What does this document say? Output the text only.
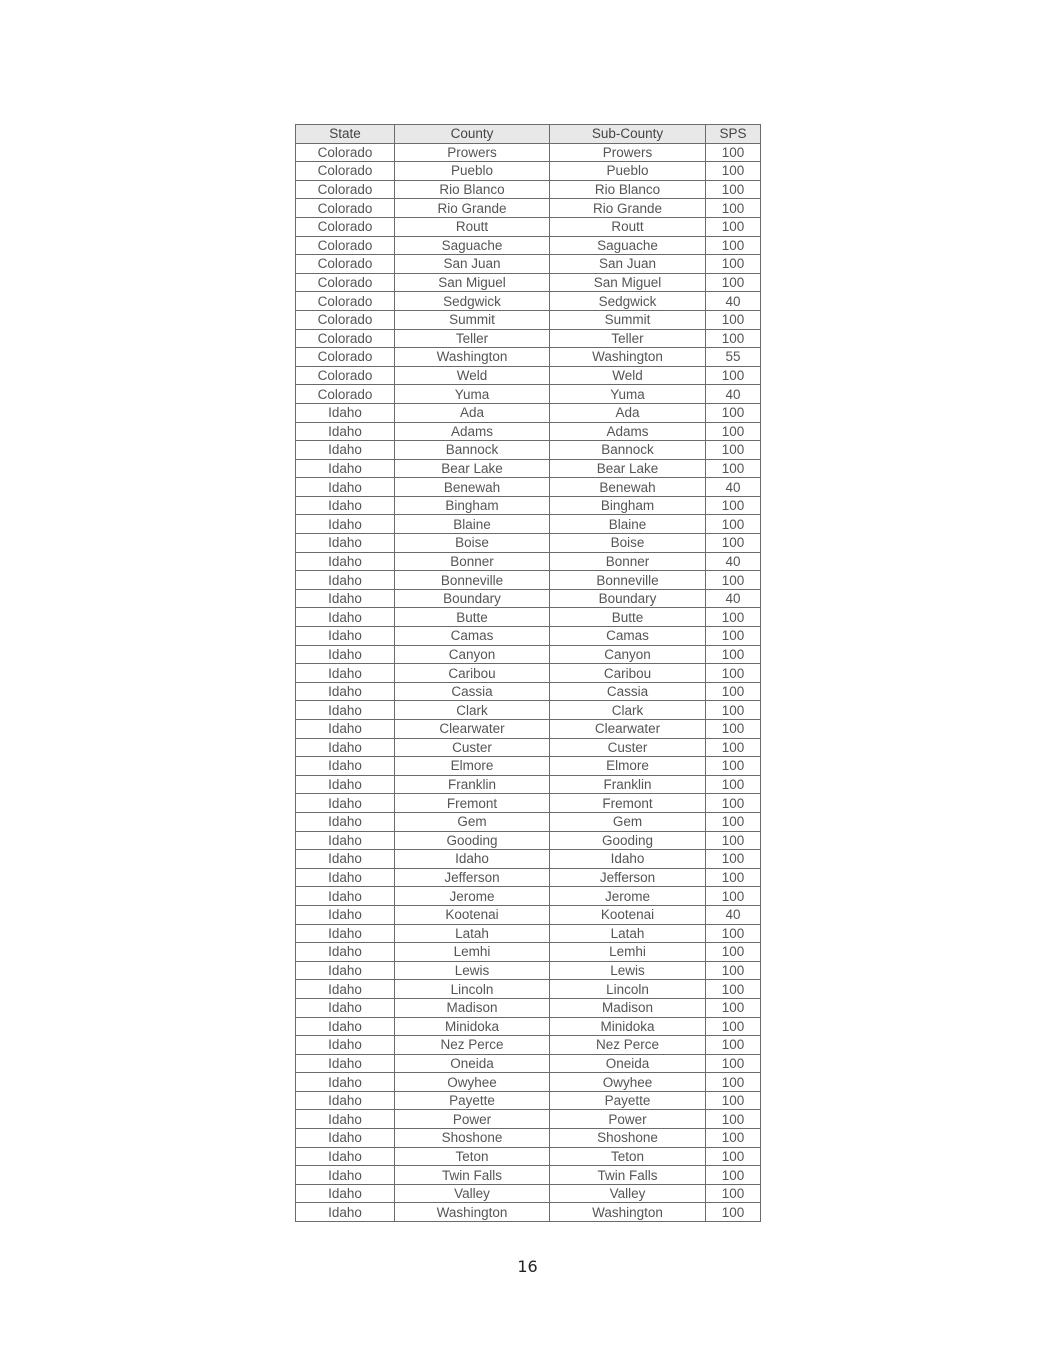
State	County	Sub-County	SPS
Colorado	Prowers	Prowers	100
Colorado	Pueblo	Pueblo	100
Colorado	Rio Blanco	Rio Blanco	100
Colorado	Rio Grande	Rio Grande	100
Colorado	Routt	Routt	100
Colorado	Saguache	Saguache	100
Colorado	San Juan	San Juan	100
Colorado	San Miguel	San Miguel	100
Colorado	Sedgwick	Sedgwick	40
Colorado	Summit	Summit	100
Colorado	Teller	Teller	100
Colorado	Washington	Washington	55
Colorado	Weld	Weld	100
Colorado	Yuma	Yuma	40
Idaho	Ada	Ada	100
Idaho	Adams	Adams	100
Idaho	Bannock	Bannock	100
Idaho	Bear Lake	Bear Lake	100
Idaho	Benewah	Benewah	40
Idaho	Bingham	Bingham	100
Idaho	Blaine	Blaine	100
Idaho	Boise	Boise	100
Idaho	Bonner	Bonner	40
Idaho	Bonneville	Bonneville	100
Idaho	Boundary	Boundary	40
Idaho	Butte	Butte	100
Idaho	Camas	Camas	100
Idaho	Canyon	Canyon	100
Idaho	Caribou	Caribou	100
Idaho	Cassia	Cassia	100
Idaho	Clark	Clark	100
Idaho	Clearwater	Clearwater	100
Idaho	Custer	Custer	100
Idaho	Elmore	Elmore	100
Idaho	Franklin	Franklin	100
Idaho	Fremont	Fremont	100
Idaho	Gem	Gem	100
Idaho	Gooding	Gooding	100
Idaho	Idaho	Idaho	100
Idaho	Jefferson	Jefferson	100
Idaho	Jerome	Jerome	100
Idaho	Kootenai	Kootenai	40
Idaho	Latah	Latah	100
Idaho	Lemhi	Lemhi	100
Idaho	Lewis	Lewis	100
Idaho	Lincoln	Lincoln	100
Idaho	Madison	Madison	100
Idaho	Minidoka	Minidoka	100
Idaho	Nez Perce	Nez Perce	100
Idaho	Oneida	Oneida	100
Idaho	Owyhee	Owyhee	100
Idaho	Payette	Payette	100
Idaho	Power	Power	100
Idaho	Shoshone	Shoshone	100
Idaho	Teton	Teton	100
Idaho	Twin Falls	Twin Falls	100
Idaho	Valley	Valley	100
Idaho	Washington	Washington	100
16
